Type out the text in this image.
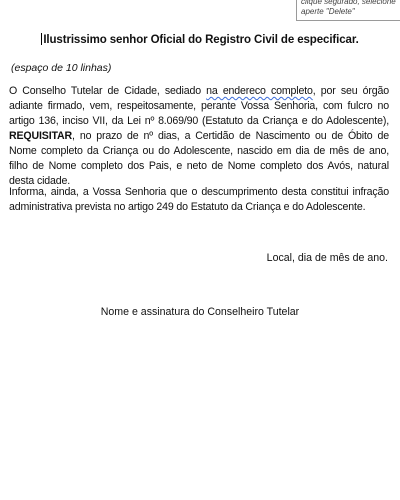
clique segurado, selecione
aperte "Delete"
Ilustrissimo senhor Oficial do Registro Civil de especificar.
(espaço de 10 linhas)
O Conselho Tutelar de Cidade, sediado na endereco completo, por seu órgão adiante firmado, vem, respeitosamente, perante Vossa Senhoria, com fulcro no artigo 136, inciso VII, da Lei nº 8.069/90 (Estatuto da Criança e do Adolescente), REQUISITAR, no prazo de nº dias, a Certidão de Nascimento ou de Óbito de Nome completo da Criança ou do Adolescente, nascido em dia de mês de ano, filho de Nome completo dos Pais, e neto de Nome completo dos Avós, natural desta cidade.
Informa, ainda, a Vossa Senhoria que o descumprimento desta constitui infração administrativa prevista no artigo 249 do Estatuto da Criança e do Adolescente.
Local, dia de mês de ano.
Nome e assinatura do Conselheiro Tutelar
